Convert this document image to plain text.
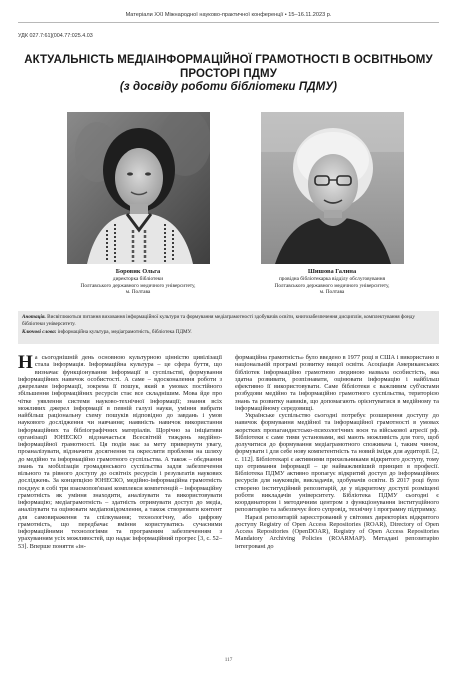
Матеріали XXI Міжнародної науково-практичної конференції • 15–16.11.2023 р.
УДК 027.7:61](004.77:025.4.03
АКТУАЛЬНІСТЬ МЕДІАІНФОРМАЦІЙНОЇ ГРАМОТНОСТІ В ОСВІТНЬОМУ ПРОСТОРІ ПДМУ
(з досвіду роботи бібліотеки ПДМУ)
Боровик Ольга
директорка бібліотеки
Полтавського державного медичного університету,
м. Полтава
Шишова Галина
провідна бібліотекарка відділу обслуговування
Полтавського державного медичного університету,
м. Полтава

Анотація. Висвітлюються питання виховання інформаційної культури та формування медіаграмотності здобувачів освіти, книгозабезпечення дисциплін, комплектування фонду бібліотеки університету.

Ключові слова: інформаційна культура, медіаграмотність, бібліотека ПДМУ.

На сьогоднішній день основною культурною цінністю цивілізації стала інформація. Інформаційна культура – це сфера буття, що визначає функціонування інформації в суспільстві, формування інформаційних навичок особистості. А саме – вдосконалення роботи з джерелами інформації, зокрема її пошук, який в умовах постійного збільшення інформаційних ресурсів стає все складнішим. Мова йде про чітке уявлення системи науково-технічної інформації; знання всіх можливих джерел інформації в певній галузі науки, уміння вибрати найбільш раціональну схему пошуків відповідно до завдань і умов наукового дослідження чи навчання; наявність навичок використання інформаційних та бібліографічних матеріалів. Щорічно за ініціативи організації ЮНЕСКО відзначається Всесвітній тиждень медійно-інформаційної грамотності. Ця подія має за мету привернути увагу, проаналізувати, відзначити досягнення та окреслити проблеми на шляху до медійно та інформаційно грамотного суспільства. А також – обєднання знань та мобілізація громадянського суспільства задля забезпечення вільного та рівного доступу до освітніх ресурсів і результатів наукових досліджень. За концепцією ЮНЕСКО, медійно-інформаційна грамотність поєднує в собі три взаємопов'язані комплекси компетенцій – інформаційну грамотність як уміння знаходити, аналізувати та використовувати інформацію; медіаграмотність – здатність отримувати доступ до медіа, аналізувати та оцінювати медіаповідомлення, а також створювати контент для самовираження та спілкування; технологічну, або цифрову грамотність, що передбачає вміння користуватись сучасними інформаційними технологіями та програмним забезпеченням з урахуванням усіх можливостей, що надає інформаційний прогрес [3, с. 52–53]. Вперше поняття «ін-

формаційна грамотність» було введено в 1977 році в США і використано в національній програмі розвитку вищої освіти. Асоціація Американських бібліотек інформаційно грамотною людиною назвала особистість, яка здатна розвивати, розпізнавати, оцінювати інформацію і найбільш ефективно її використовувати. Саме бібліотеки є важливим суб'єктами розбудови медійно та інформаційно грамотного суспільства, територією знань та розвитку навиків, що допомагають орієнтуватися в медійному та інформаційному середовищі.

Українське суспільство сьогодні потребує розширення доступу до навичок формування медійної та інформаційної грамотності в умовах жорстких пропагандистсько-психологічних воєн та військової агресії рф. Бібліотеки є саме тими установами, які мають можливість для того, щоб долучитися до формування медіаграмотного споживача і, таким чином, формувати і для себе нову компетентність та новий імідж для аудиторії. [2, с. 112]. Бібліотекарі є активними прихильниками відкритого доступу, тому що отримання інформації – це найважливіший принцип в професії. Бібліотека ПДМУ активно пропагує відкритий доступ до інформаційних ресурсів для науковців, викладачів, здобувачів освіти. В 2017 році було створено інституційний репозитарій, де у відкритому доступі розміщені роботи викладачів університету. Бібліотека ПДМУ сьогодні є координатором і методичним центром з функціонування інституційного репозитарію та забезпечує його супровід, технічну і програмну підтримку.

Наразі репозитарій зареєстрований у світових директоріях відкритого доступу Registry of Open Access Repositories (ROAR), Directory of Open Access Repositories (OpenDOAR), Registry of Open Access Repositories Mandatory Archiving Policies (ROARMAP). Метадані репозитарію інтегровані до

117
